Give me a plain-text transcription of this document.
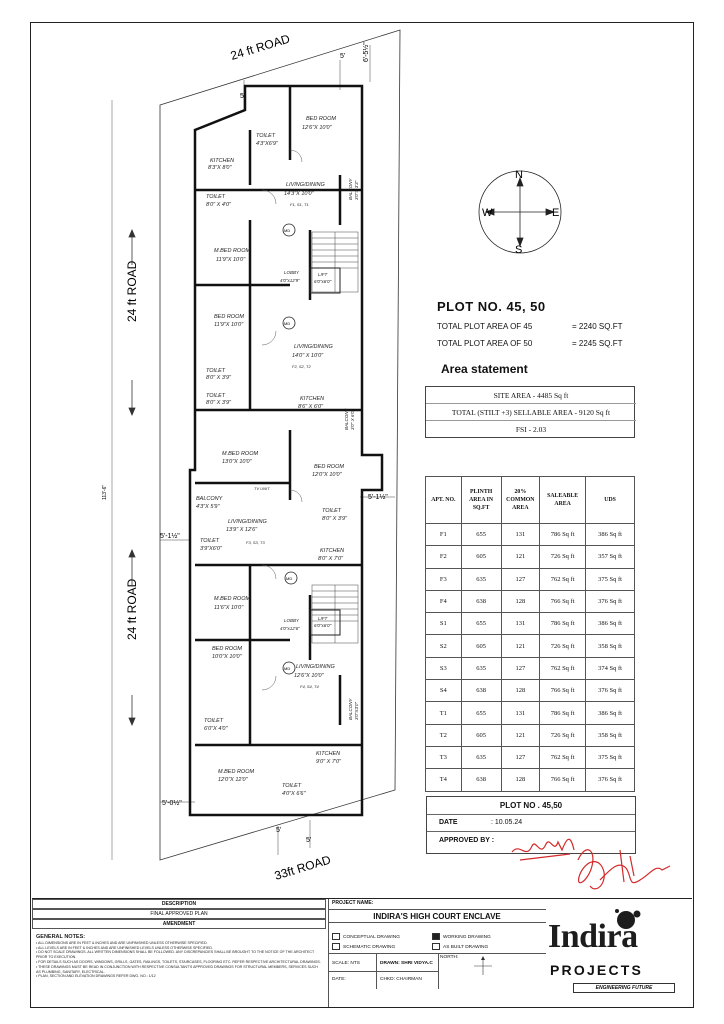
24 ft ROAD
24 ft ROAD
24 ft ROAD
33ft ROAD
113'-6"
5'	6'-5½"
5'
5'-1½"
5'-1½"
5'-0½"
5'
5'
MD
MD
MD
MD
BED ROOM
12'6"X 10'0"
TOILET
4'3"X6'9"
KITCHEN
8'3"X 8'0"
LIVING/DINING
14'3"X 10'0"
F1, S1, T1
BALCONY 3'0"X 3'3"
TOILET
8'0" X 4'0"
M.BED ROOM
11'9"X 10'0"
LOBBY
4'0"x12'9"
LIFT
6'0"x6'0"
BED ROOM
11'9"X 10'0"
LIVING/DINING
14'0" X 10'0"
F2, S2, T2
TOILET
8'0" X 3'9"
TOILET
8'0" X 3'9"
KITCHEN
8'6" X 6'0"
BALCONY 3'0" X 6'0"
M.BED ROOM
13'0"X 10'0"
BED ROOM
12'0"X 10'0"
BALCONY
4'3"X 5'9"
TV UNIT
LIVING/DINING
13'9" X 12'6"
F3, S3, T3
TOILET
3'9"X6'0"
TOILET
8'0" X 3'9"
KITCHEN
8'0" X 7'0"
M.BED ROOM
11'6"X 10'0"
LOBBY
4'0"x12'6"
LIFT
6'0"x6'0"
BED ROOM
10'0"X 10'0"
LIVING/DINING
12'6"X 10'0"
F4, S4, T4
BALCONY 3'0"X3'0"
TOILET
6'0"X 4'0"
KITCHEN
9'0" X 7'0"
M.BED ROOM
12'0"X 12'0"
TOILET
4'0"X 6'6"
N
S
W	E
PLOT NO. 45, 50
TOTAL PLOT AREA OF 45	= 2240 SQ.FT
TOTAL PLOT AREA OF 50	= 2245 SQ.FT
Area statement
SITE AREA - 4485 Sq ft
TOTAL (STILT +3) SELLABLE AREA - 9120 Sq ft
FSI - 2.03
APT. NO.	PLINTH AREA IN SQ.FT	20% COMMON AREA	SALEABLE AREA	UDS
F1	655	131	786 Sq ft	386 Sq ft
F2	605	121	726 Sq ft	357 Sq ft
F3	635	127	762 Sq ft	375 Sq ft
F4	638	128	766 Sq ft	376 Sq ft
S1	655	131	786 Sq ft	386 Sq ft
S2	605	121	726 Sq ft	358 Sq ft
S3	635	127	762 Sq ft	374 Sq ft
S4	638	128	766 Sq ft	376 Sq ft
T1	655	131	786 Sq ft	386 Sq ft
T2	605	121	726 Sq ft	358 Sq ft
T3	635	127	762 Sq ft	375 Sq ft
T4	638	128	766 Sq ft	376 Sq ft
PLOT NO . 45,50
DATE	: 10.05.24
APPROVED BY :
DESCRIPTION
FINAL APPROVED PLAN
AMENDMENT
GENERAL NOTES:
• ALL DIMENSIONS ARE IN FEET & INCHES AND ARE UNFINISHED UNLESS OTHERWISE SPECIFIED.
• ALL LEVELS ARE IN FEET & INCHES AND ARE UNFINISHED LEVELS UNLESS OTHERWISE SPECIFIED.
• DO NOT SCALE DRAWINGS. ALL WRITTEN DIMENSIONS SHALL BE FOLLOWED. ANY DISCREPANCIES SHALL BE BROUGHT TO THE NOTICE OF THE ARCHITECT PRIOR TO EXECUTION.
• FOR DETAILS SUCH AS DOORS, WINDOWS, GRILLS, GATES, RAILINGS, TOILETS, STAIRCASES, FLOORING ETC. REFER RESPECTIVE ARCHITECTURAL DRAWINGS.
• THESE DRAWINGS MUST BE READ IN CONJUNCTION WITH RESPECTIVE CONSULTANT'S APPROVED DRAWINGS FOR STRUCTURAL MEMBERS, SERVICES SUCH AS PLUMBING, SANITARY, ELECTRICAL.
• PLAN, SECTION AND ELEVATION DRAWINGS REFER DWG. NO.: 1/12
PROJECT NAME:
INDIRA'S HIGH COURT ENCLAVE
CONCEPTUAL DRAWING	WORKING DRAWING
SCHEMATIC DRAWING	AS BUILT DRAWING
SCALE: NTS	DRAWN: SHRI VIDYA.C
NORTH:
DATE:	CHKD: CHAIRMAN
Indira
PROJECTS
ENGINEERING FUTURE
